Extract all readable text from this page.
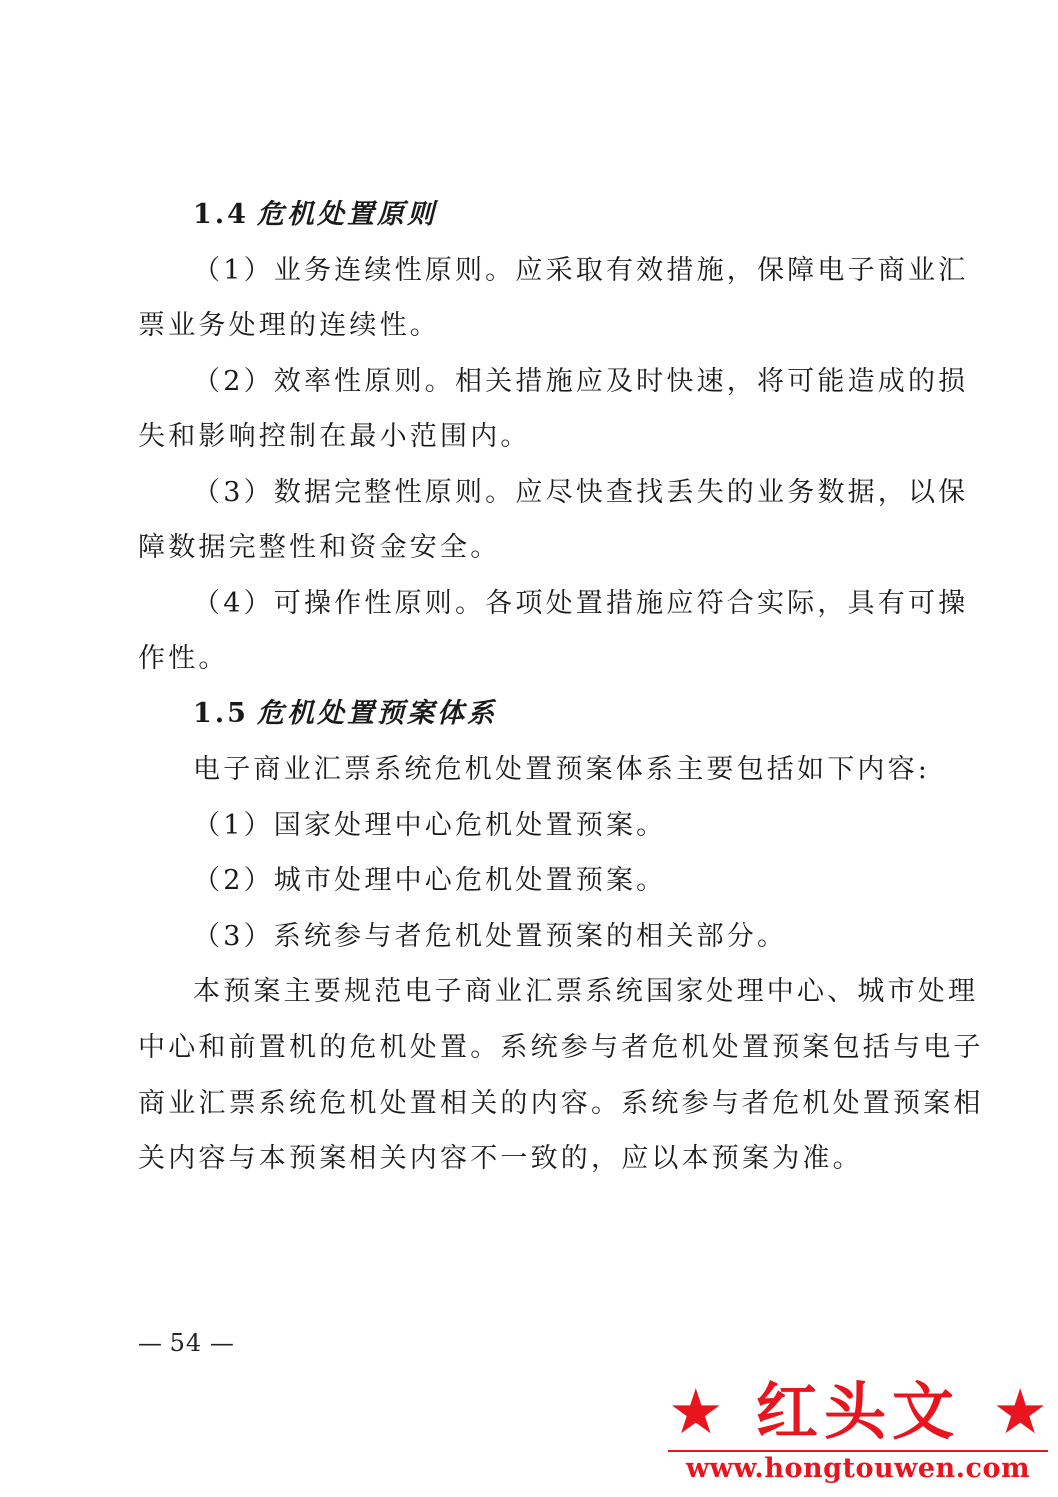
1.4 危机处置原则
（1）业务连续性原则。应采取有效措施，保障电子商业汇
票业务处理的连续性。
（2）效率性原则。相关措施应及时快速，将可能造成的损
失和影响控制在最小范围内。
（3）数据完整性原则。应尽快查找丢失的业务数据，以保
障数据完整性和资金安全。
（4）可操作性原则。各项处置措施应符合实际，具有可操
作性。
1.5 危机处置预案体系
电子商业汇票系统危机处置预案体系主要包括如下内容:
（1）国家处理中心危机处置预案。
（2）城市处理中心危机处置预案。
（3）系统参与者危机处置预案的相关部分。
本预案主要规范电子商业汇票系统国家处理中心、城市处理
中心和前置机的危机处置。系统参与者危机处置预案包括与电子
商业汇票系统危机处置相关的内容。系统参与者危机处置预案相
关内容与本预案相关内容不一致的，应以本预案为准。
— 54 —
★ 红头文 ★
www.hongtouwen.com
